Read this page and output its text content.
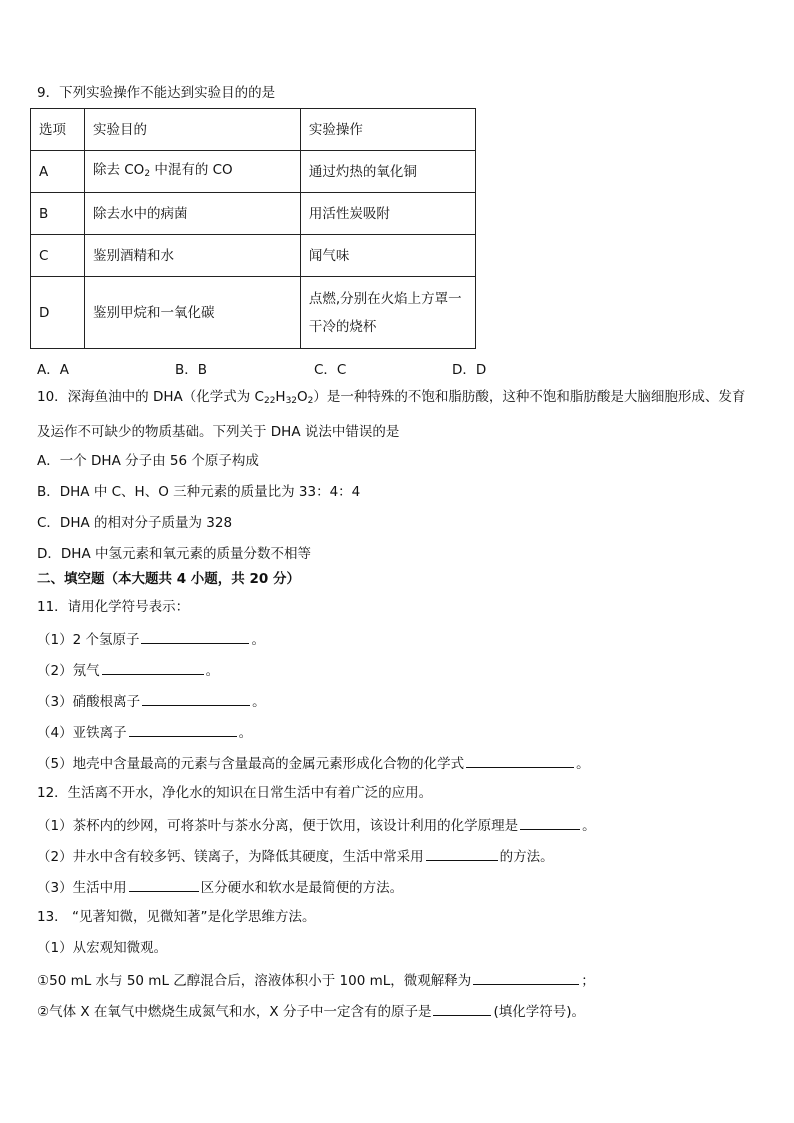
9．下列实验操作不能达到实验目的的是
选项	实验目的	实验操作
A	除去 $CO_2$ 中混有的 CO	通过灼热的氧化铜
B	除去水中的病菌	用活性炭吸附
C	鉴别酒精和水	闻气味
D	鉴别甲烷和一氧化碳	点燃,分别在火焰上方罩一
干冷的烧杯
A．A	B．B	C．C	D．D
10．深海鱼油中的 DHA（化学式为 $C_{22}H_{32}O_2$）是一种特殊的不饱和脂肪酸，这种不饱和脂肪酸是大脑细胞形成、发育及运作不可缺少的物质基础。下列关于 DHA 说法中错误的是
A．一个 DHA 分子由 56 个原子构成
B．DHA 中 C、H、O 三种元素的质量比为 33：4：4
C．DHA 的相对分子质量为 328
D．DHA 中氢元素和氧元素的质量分数不相等
二、填空题（本大题共 4 小题，共 20 分）
11．请用化学符号表示：
（1）2 个氢原子	。
（2）氖气	。
（3）硝酸根离子	。
（4）亚铁离子	。
（5）地壳中含量最高的元素与含量最高的金属元素形成化合物的化学式	。
12．生活离不开水，净化水的知识在日常生活中有着广泛的应用。
（1）茶杯内的纱网，可将茶叶与茶水分离，便于饮用，该设计利用的化学原理是	。
（2）井水中含有较多钙、镁离子，为降低其硬度，生活中常采用	的方法。
（3）生活中用	区分硬水和软水是最简便的方法。
13． “见著知微，见微知著”是化学思维方法。
（1）从宏观知微观。
①50 mL 水与 50 mL 乙醇混合后，溶液体积小于 100 mL，微观解释为	；
②气体 X 在氧气中燃烧生成氮气和水，X 分子中一定含有的原子是	(填化学符号)。
